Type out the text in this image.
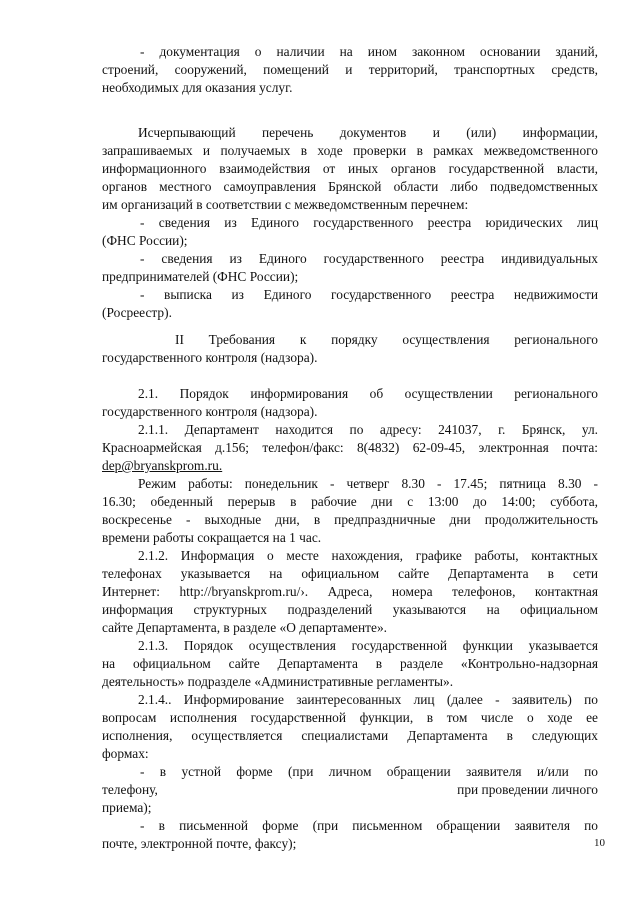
- документация о наличии на ином законном основании зданий,
строений, сооружений, помещений и территорий, транспортных средств,
необходимых для оказания услуг.
Исчерпывающий перечень документов и (или) информации,
запрашиваемых и получаемых в ходе проверки в рамках межведомственного
информационного взаимодействия от иных органов государственной власти,
органов местного самоуправления Брянской области либо подведомственных
им организаций в соответствии с межведомственным перечнем:
- сведения из Единого государственного реестра юридических лиц
(ФНС России);
- сведения из Единого государственного реестра индивидуальных
предпринимателей (ФНС России);
- выписка из Единого государственного реестра недвижимости
(Росреестр).
II Требования к порядку осуществления регионального
государственного контроля (надзора).
2.1. Порядок информирования об осуществлении регионального
государственного контроля (надзора).
2.1.1. Департамент находится по адресу: 241037, г. Брянск, ул.
Красноармейская д.156; телефон/факс: 8(4832) 62-09-45, электронная почта:
dep@bryanskprom.ru.
Режим работы: понедельник - четверг 8.30 - 17.45; пятница 8.30 -
16.30; обеденный перерыв в рабочие дни с 13:00 до 14:00; суббота,
воскресенье - выходные дни, в предпраздничные дни продолжительность
времени работы сокращается на 1 час.
2.1.2. Информация о месте нахождения, графике работы, контактных
телефонах указывается на официальном сайте Департамента в сети
Интернет: http://bryanskprom.ru/›. Адреса, номера телефонов, контактная
информация структурных подразделений указываются на официальном
сайте Департамента, в разделе «О департаменте».
2.1.3. Порядок осуществления государственной функции указывается
на официальном сайте Департамента в разделе «Контрольно-надзорная
деятельность» подразделе «Административные регламенты».
2.1.4.. Информирование заинтересованных лиц (далее - заявитель) по
вопросам исполнения государственной функции, в том числе о ходе ее
исполнения, осуществляется специалистами Департамента в следующих
формах:
- в устной форме (при личном обращении заявителя и/или по
телефону,	при проведении личного
приема);
- в письменной форме (при письменном обращении заявителя по
почте, электронной почте, факсу);	10
